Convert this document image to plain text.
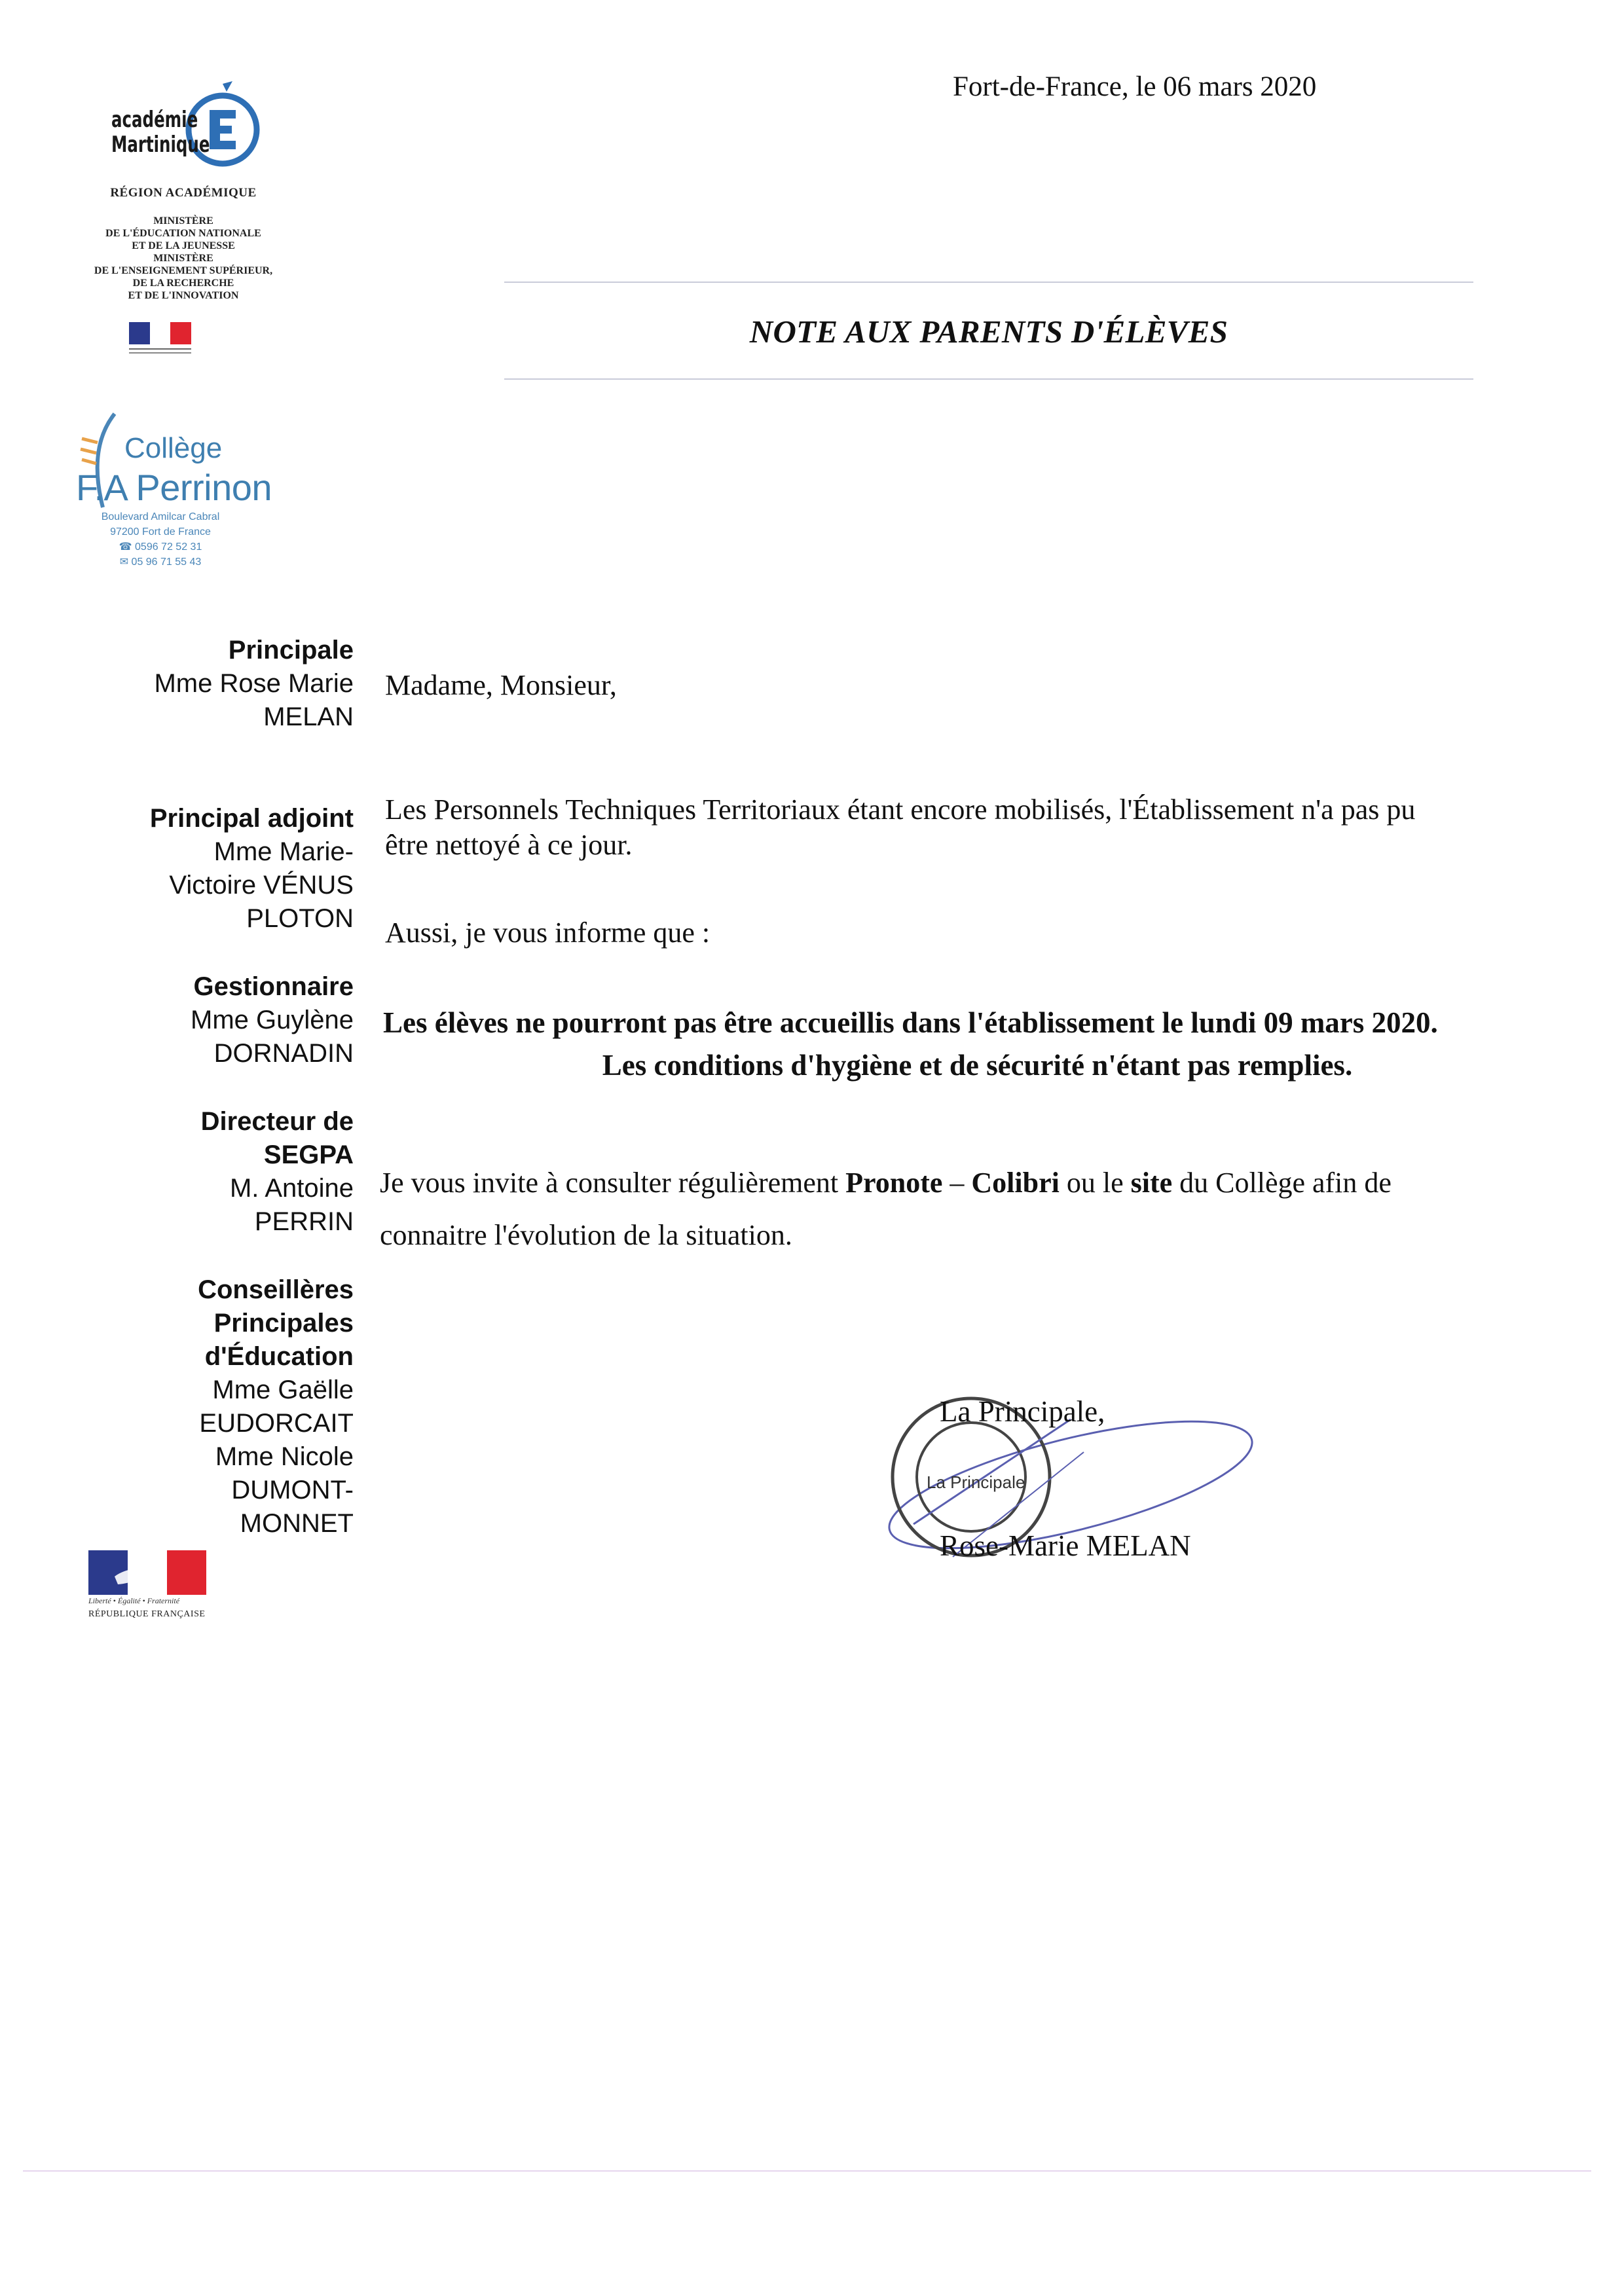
académie
Martinique
RÉGION ACADÉMIQUE
MINISTÈRE
DE L'ÉDUCATION NATIONALE
ET DE LA JEUNESSE
MINISTÈRE
DE L'ENSEIGNEMENT SUPÉRIEUR,
DE LA RECHERCHE
ET DE L'INNOVATION
Collège
F.A Perrinon
Boulevard Amilcar Cabral
97200 Fort de France
☎ 0596 72 52 31
✉ 05 96 71 55 43
Fort-de-France, le 06 mars 2020
NOTE AUX PARENTS D'ÉLÈVES
Principale
Mme Rose Marie
MELAN
Principal adjoint
Mme Marie-
Victoire VÉNUS
PLOTON
Gestionnaire
Mme Guylène
DORNADIN
Directeur de
SEGPA
M. Antoine
PERRIN
Conseillères
Principales
d'Éducation
Mme Gaëlle
EUDORCAIT
Mme Nicole
DUMONT-
MONNET
Madame, Monsieur,
Les Personnels Techniques Territoriaux étant encore mobilisés, l'Établissement n'a pas pu
être nettoyé à ce jour.
Aussi, je vous informe que :
Les élèves ne pourront pas être accueillis dans l'établissement le lundi 09 mars 2020.
Les conditions d'hygiène et de sécurité n'étant pas remplies.
Je vous invite à consulter régulièrement Pronote – Colibri ou le site du Collège afin de
connaitre l'évolution de la situation.
La Principale
La Principale,
Rose-Marie MELAN
Liberté • Égalité • Fraternité
RÉPUBLIQUE FRANÇAISE
